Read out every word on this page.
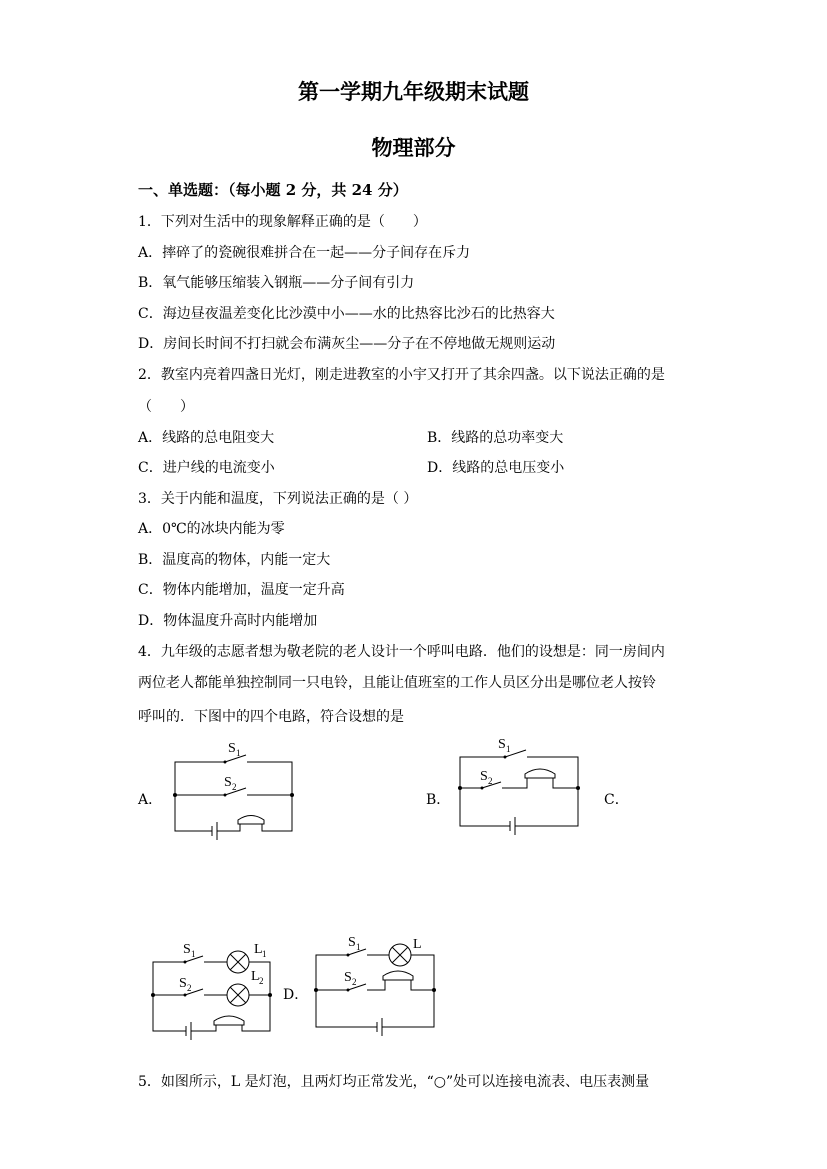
第一学期九年级期末试题
物理部分
一、单选题：（每小题 2 分，共 24 分）
1．下列对生活中的现象解释正确的是（　　）
A．摔碎了的瓷碗很难拼合在一起——分子间存在斥力
B．氧气能够压缩装入钢瓶——分子间有引力
C．海边昼夜温差变化比沙漠中小——水的比热容比沙石的比热容大
D．房间长时间不打扫就会布满灰尘——分子在不停地做无规则运动
2．教室内亮着四盏日光灯，刚走进教室的小宇又打开了其余四盏。以下说法正确的是
（　　）
A．线路的总电阻变大	B．线路的总功率变大
C．进户线的电流变小	D．线路的总电压变小
3．关于内能和温度，下列说法正确的是（ ）
A．0℃的冰块内能为零
B．温度高的物体，内能一定大
C．物体内能增加，温度一定升高
D．物体温度升高时内能增加
4．九年级的志愿者想为敬老院的老人设计一个呼叫电路．他们的设想是：同一房间内
两位老人都能单独控制同一只电铃，且能让值班室的工作人员区分出是哪位老人按铃
呼叫的．下图中的四个电路，符合设想的是
A．	B．	C．
D．
S 1
S 2
S 1
S 2
S 1
S 2
L 1
L 2
S 1
S 2
L
5．如图所示，L 是灯泡，且两灯均正常发光，“○”处可以连接电流表、电压表测量
